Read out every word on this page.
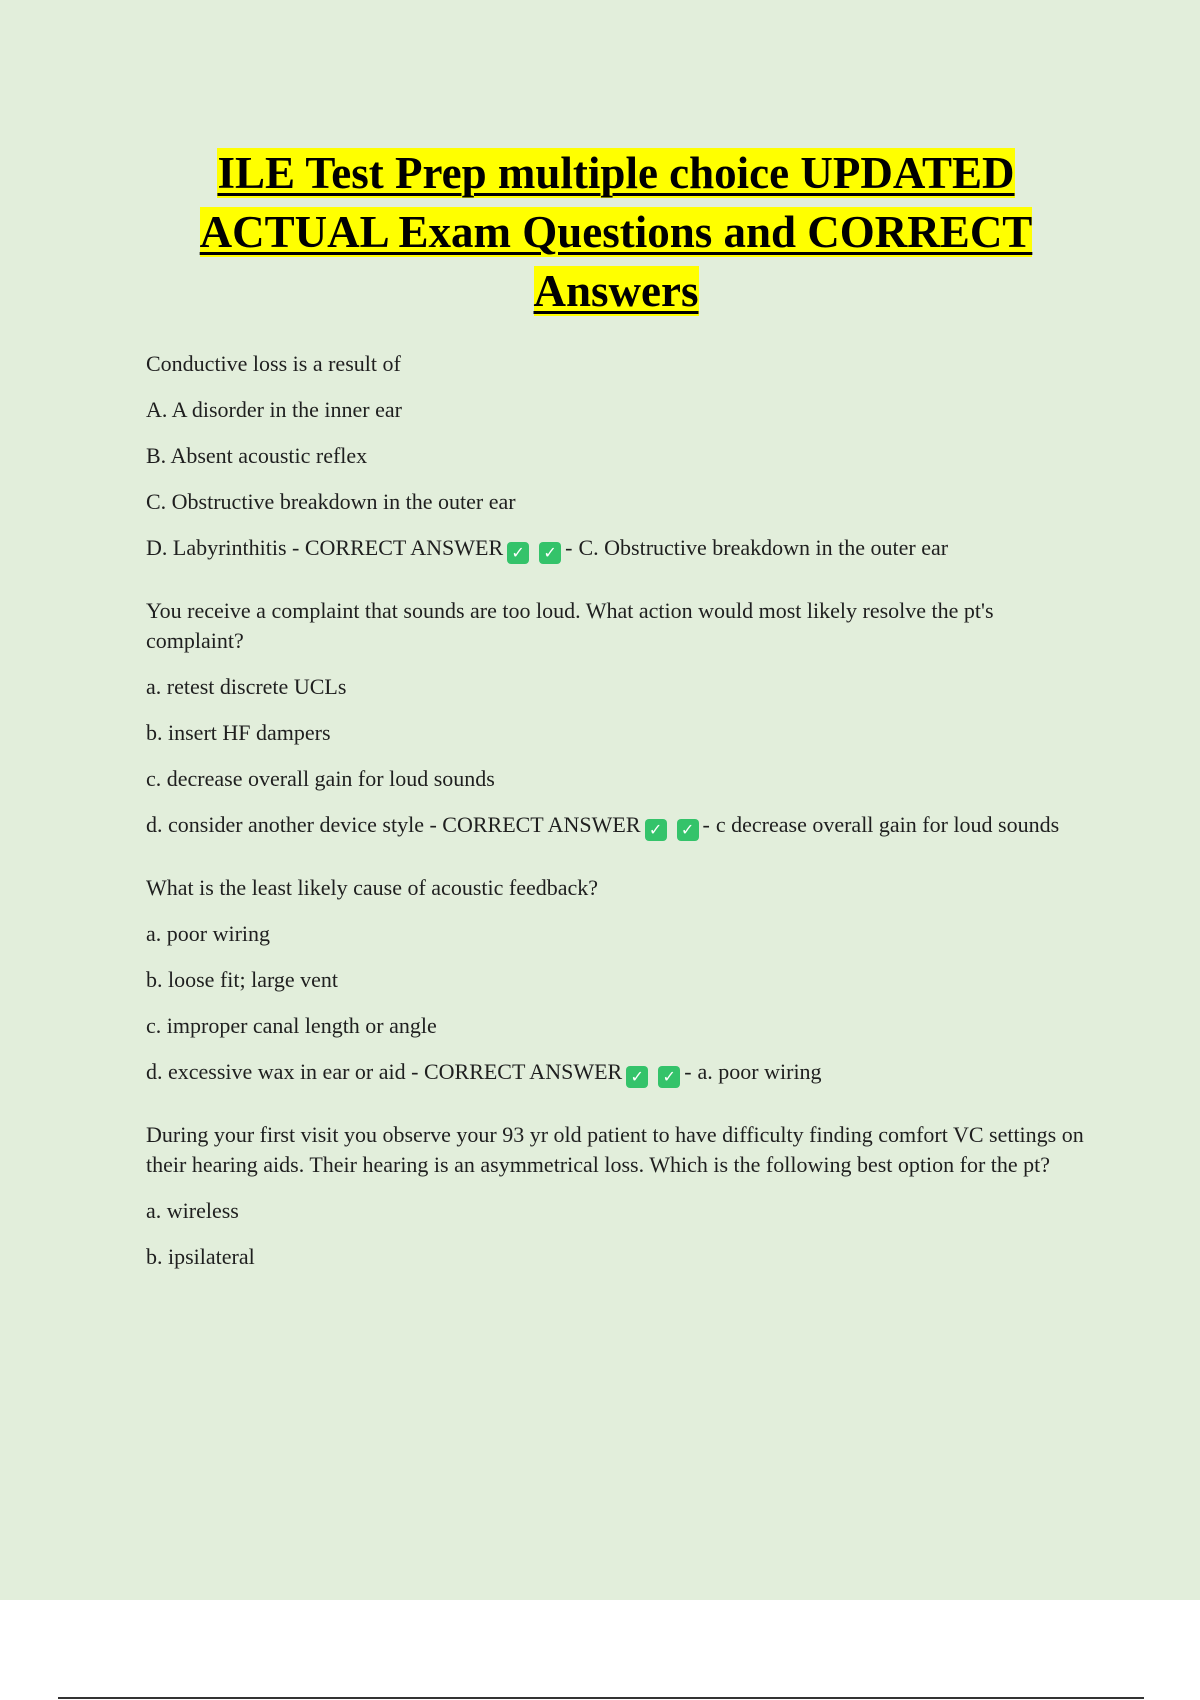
ILE Test Prep multiple choice UPDATED
ACTUAL Exam Questions and CORRECT
Answers

Conductive loss is a result of

A. A disorder in the inner ear

B. Absent acoustic reflex

C. Obstructive breakdown in the outer ear

D. Labyrinthitis - CORRECT ANSWER ✓ ✓ - C. Obstructive breakdown in the outer ear

You receive a complaint that sounds are too loud. What action would most likely resolve the pt's complaint?

a. retest discrete UCLs

b. insert HF dampers

c. decrease overall gain for loud sounds

d. consider another device style - CORRECT ANSWER ✓ ✓ - c decrease overall gain for loud sounds

What is the least likely cause of acoustic feedback?

a. poor wiring

b. loose fit; large vent

c. improper canal length or angle

d. excessive wax in ear or aid - CORRECT ANSWER ✓ ✓ - a. poor wiring

During your first visit you observe your 93 yr old patient to have difficulty finding comfort VC settings on their hearing aids. Their hearing is an asymmetrical loss. Which is the following best option for the pt?

a. wireless

b. ipsilateral
